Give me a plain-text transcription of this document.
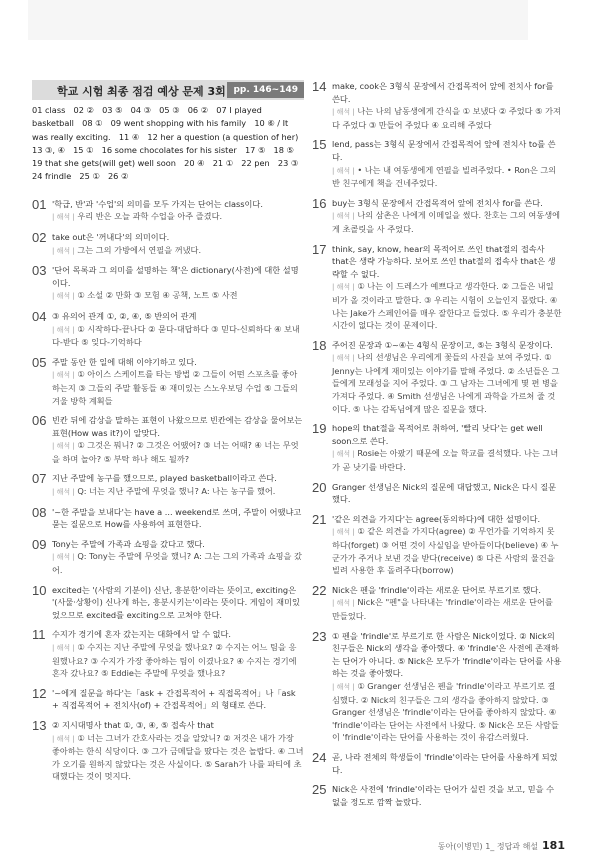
학교 시험 최종 점검 예상 문제 3회 pp. 146~149
01 class　02 ②　03 ⑤　04 ③　05 ③　06 ②　07 I played basketball　08 ①　09 went shopping with his family　10 ⑥ / It was really exciting.　11 ④　12 her a question (a question of her)　13 ③, ④　15 ①　16 some chocolates for his sister　17 ⑤　18 ⑤　19 that she gets(will get) well soon　20 ④　21 ①　22 pen　23 ③　24 frindle　25 ①　26 ②
01 '학급, 반'과 '수업'의 의미를 모두 가지는 단어는 class이다.
| 해석 | 우리 반은 오늘 과학 수업을 아주 즐겼다.
02 take out은 '꺼내다'의 의미이다.
| 해석 | 그는 그의 가방에서 연필을 꺼냈다.
03 '단어 목록과 그 의미를 설명하는 책'은 dictionary(사전)에 대한 설명이다.
| 해석 | ① 소설 ② 만화 ③ 모험 ④ 공책, 노트 ⑤ 사전
04 ③ 유의어 관계 ①, ②, ④, ⑤ 반의어 관계
| 해석 | ① 시작하다-끝나다 ② 묻다-대답하다 ③ 믿다-신뢰하다 ④ 보내다-받다 ⑤ 잊다-기억하다
05 주말 동안 한 일에 대해 이야기하고 있다.
| 해석 | ① 아이스 스케이트를 타는 방법 ② 그들이 어떤 스포츠를 좋아하는지 ③ 그들의 주말 활동들 ④ 재미있는 스노우보딩 수업 ⑤ 그들의 겨울 방학 계획들
06 빈칸 뒤에 감상을 말하는 표현이 나왔으므로 빈칸에는 감상을 물어보는 표현(How was it?)이 알맞다.
| 해석 | ① 그것은 뭐니? ② 그것은 어땠어? ③ 너는 어때? ④ 너는 무엇을 하며 놀아? ⑤ 부탁 하나 해도 될까?
07 지난 주말에 농구를 했으므로, played basketball이라고 쓴다.
| 해석 | Q: 너는 지난 주말에 무엇을 했니? A: 나는 농구를 했어.
08 '~한 주말을 보내다'는 have a ... weekend로 쓰며, 주말이 어땠냐고 묻는 질문으로 How를 사용하여 표현한다.
09 Tony는 주말에 가족과 쇼핑을 갔다고 했다.
| 해석 | Q: Tony는 주말에 무엇을 했니? A: 그는 그의 가족과 쇼핑을 갔어.
10 excited는 '(사람의 기분이) 신난, 흥분한'이라는 뜻이고, exciting은 '(사물·상황이) 신나게 하는, 흥분시키는'이라는 뜻이다. 게임이 재미있었으므로 excited를 exciting으로 고쳐야 한다.
11 수지가 경기에 혼자 갔는지는 대화에서 알 수 없다.
| 해석 | ① 수지는 지난 주말에 무엇을 했나요? ② 수지는 어느 팀을 응원했나요? ③ 수지가 가장 좋아하는 팀이 이겼나요? ④ 수지는 경기에 혼자 갔나요? ⑤ Eddie는 주말에 무엇을 했나요?
12 '~에게 질문을 하다'는「ask + 간접목적어 + 직접목적어」나「ask + 직접목적어 + 전치사(of) + 간접목적어」의 형태로 쓴다.
13 ② 지시대명사 that ①, ③, ④, ⑤ 접속사 that
| 해석 | ① 너는 그녀가 간호사라는 것을 알았니? ② 저것은 내가 가장 좋아하는 한식 식당이다. ③ 그가 금메달을 땄다는 것은 놀랍다. ④ 그녀가 오기를 원하지 않았다는 것은 사실이다. ⑤ Sarah가 나를 파티에 초대했다는 것이 멋지다.
14 make, cook은 3형식 문장에서 간접목적어 앞에 전치사 for를 쓴다.
| 해석 | 나는 나의 남동생에게 간식을 ① 보냈다 ② 주었다 ⑤ 가져다 주었다 ③ 만들어 주었다 ④ 요리해 주었다
15 lend, pass는 3형식 문장에서 간접목적어 앞에 전치사 to를 쓴다.
| 해석 | • 나는 내 여동생에게 연필을 빌려주었다. • Ron은 그의 반 친구에게 책을 건네주었다.
16 buy는 3형식 문장에서 간접목적어 앞에 전치사 for를 쓴다.
| 해석 | 나의 삼촌은 나에게 이메일을 썼다. 찬호는 그의 여동생에게 초콜릿을 사 주었다.
17 think, say, know, hear의 목적어로 쓰인 that절의 접속사 that은 생략 가능하다. 보어로 쓰인 that절의 접속사 that은 생략할 수 없다.
| 해석 | ① 나는 이 드레스가 예쁘다고 생각한다. ② 그들은 내일 비가 올 것이라고 말한다. ③ 우리는 시험이 오늘인지 몰랐다. ④ 나는 Jake가 스페인어를 매우 잘한다고 들었다. ⑤ 우리가 충분한 시간이 없다는 것이 문제이다.
18 주어진 문장과 ①~④는 4형식 문장이고, ⑤는 3형식 문장이다.
| 해석 | 나의 선생님은 우리에게 꽃들의 사진을 보여 주었다. ① Jenny는 나에게 재미있는 이야기를 말해 주었다. ② 소년들은 그들에게 모래성을 지어 주었다. ③ 그 남자는 그녀에게 몇 편 병을 가져다 주었다. ④ Smith 선생님은 나에게 과학을 가르쳐 줄 것이다. ⑤ 나는 감독님에게 많은 질문을 했다.
19 hope의 that절을 목적어로 취하여, '빨리 낫다'는 get well soon으로 쓴다.
| 해석 | Rosie는 아팠기 때문에 오늘 학교를 결석했다. 나는 그녀가 곧 낫기를 바란다.
20 Granger 선생님은 Nick의 질문에 대답했고, Nick은 다시 질문했다.
21 '같은 의견을 가지다'는 agree(동의하다)에 대한 설명이다.
| 해석 | ① 같은 의견을 가지다(agree) ② 무언가를 기억하지 못하다(forget) ③ 어떤 것이 사실임을 받아들이다(believe) ④ 누군가가 주거나 보낸 것을 받다(receive) ⑤ 다른 사람의 물건을 빌려 사용한 후 돌려주다(borrow)
22 Nick은 펜을 'frindle'이라는 새로운 단어로 부르기로 했다.
| 해석 | Nick은 "펜"을 나타내는 'frindle'이라는 새로운 단어를 만들었다.
23 ① 펜을 'frindle'로 부르기로 한 사람은 Nick이었다. ② Nick의 친구들은 Nick의 생각을 좋아했다. ④ 'frindle'은 사전에 존재하는 단어가 아니다. ⑤ Nick은 모두가 'frindle'이라는 단어를 사용하는 것을 좋아했다.
| 해석 | ① Granger 선생님은 펜을 'frindle'이라고 부르기로 결심했다. ② Nick의 친구들은 그의 생각을 좋아하지 않았다. ③ Granger 선생님은 'frindle'이라는 단어를 좋아하지 않았다. ④ 'frindle'이라는 단어는 사전에서 나왔다. ⑤ Nick은 모든 사람들이 'frindle'이라는 단어를 사용하는 것이 유감스러웠다.
24 곧, 나라 전체의 학생들이 'frindle'이라는 단어를 사용하게 되었다.
25 Nick은 사전에 'frindle'이라는 단어가 실린 것을 보고, 믿을 수 없을 정도로 깜짝 놀랐다.
동아(이병민) 1_ 정답과 해설 181
